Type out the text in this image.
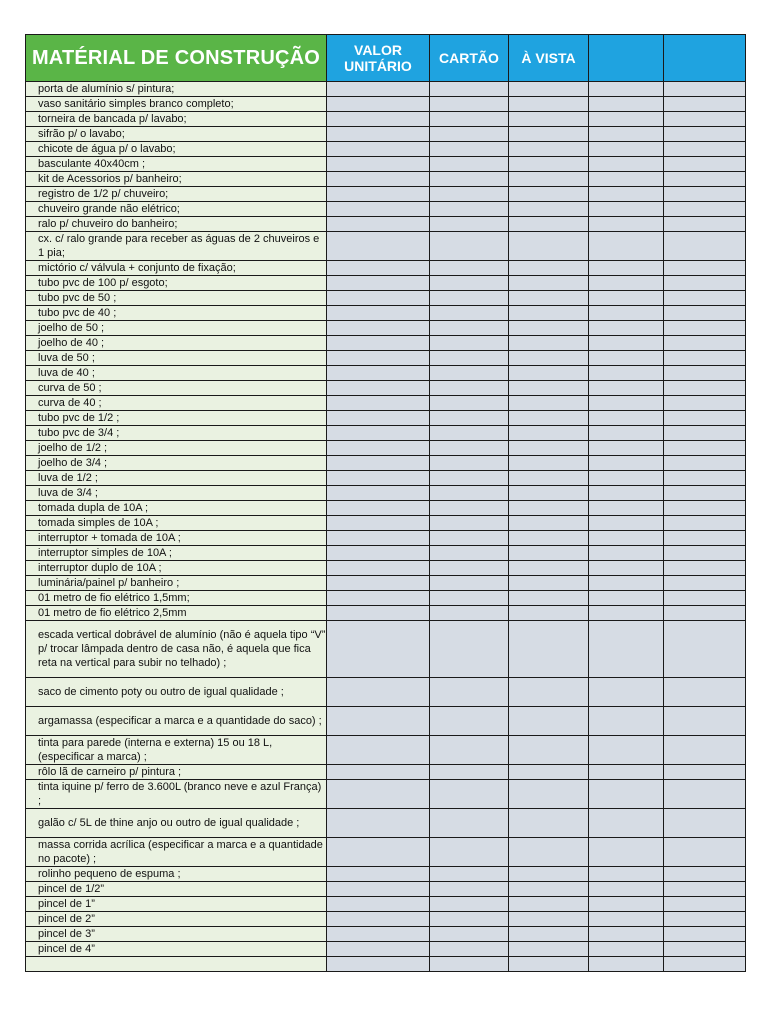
MATÉRIAL DE CONSTRUÇÃO	VALOR UNITÁRIO	CARTÃO	À VISTA		
porta de alumínio s/ pintura;					
vaso sanitário simples branco completo;					
torneira de bancada p/ lavabo;					
sifrão p/ o lavabo;					
chicote de água p/ o lavabo;					
basculante 40x40cm ;					
kit de Acessorios p/ banheiro;					
registro de 1/2 p/ chuveiro;					
chuveiro grande não elétrico;					
ralo p/ chuveiro do banheiro;					
cx. c/ ralo grande para receber as águas de 2 chuveiros e 1 pia;					
mictório c/ válvula + conjunto de fixação;					
tubo pvc de 100 p/ esgoto;					
tubo pvc de 50 ;					
tubo pvc de 40 ;					
joelho de 50 ;					
joelho de 40 ;					
luva de 50 ;					
luva de 40 ;					
curva de 50 ;					
curva de 40 ;					
tubo pvc de 1/2 ;					
tubo pvc de 3/4 ;					
joelho de 1/2 ;					
joelho de 3/4 ;					
luva de 1/2 ;					
luva de 3/4 ;					
tomada dupla de 10A ;					
tomada simples de 10A ;					
interruptor + tomada de 10A ;					
interruptor simples de 10A ;					
interruptor duplo de 10A ;					
luminária/painel p/ banheiro ;					
01 metro de fio elétrico 1,5mm;					
01 metro de fio elétrico 2,5mm					
escada vertical dobrável de alumínio (não é aquela tipo “V” p/ trocar lâmpada dentro de casa não, é aquela que fica reta na vertical para subir no telhado) ;					
saco de cimento poty ou outro de igual qualidade ;					
argamassa (especificar a marca e a quantidade do saco) ;					
tinta para parede (interna e externa) 15 ou 18 L, (especificar a marca) ;					
rôlo lã de carneiro p/ pintura ;					
tinta iquine p/ ferro de 3.600L (branco neve e azul França) ;					
galão c/ 5L de thine anjo ou outro de igual qualidade ;					
massa corrida acrílica (especificar a marca e a quantidade no pacote) ;					
rolinho pequeno de espuma ;					
pincel de 1/2”					
pincel de 1”					
pincel de 2”					
pincel de 3”					
pincel de 4”					
